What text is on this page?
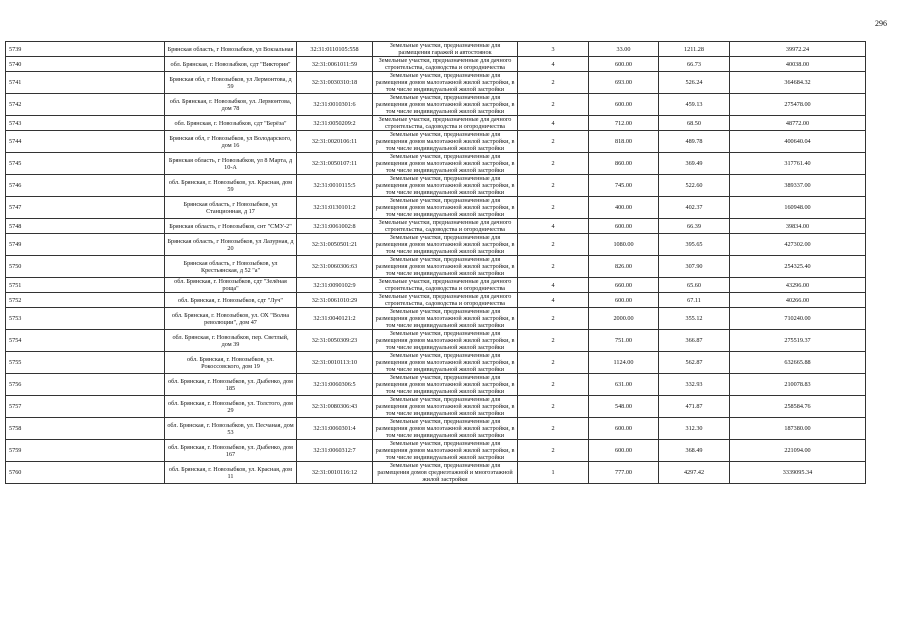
296
5739	Брянская область, г Новозыбков, ул Вокзальная	32:31:0110105:558	Земельные участки, предназначенные для размещения гаражей и автостоянок	3	33.00	1211.28	39972.24
5740	обл. Брянская, г. Новозыбков, сдт "Виктория"	32:31:0061011:59	Земельные участки, предназначенные для дачного строительства, садоводства и огородничества	4	600.00	66.73	40038.00
5741	Брянская обл, г Новозыбков, ул Лермонтова, д 59	32:31:0030310:18	Земельные участки, предназначенные для размещения домов малоэтажной жилой застройки, в том числе индивидуальной жилой застройки	2	693.00	526.24	364684.32
5742	обл. Брянская, г. Новозыбков, ул. Лермонтова, дом 78	32:31:0010301:6	Земельные участки, предназначенные для размещения домов малоэтажной жилой застройки, в том числе индивидуальной жилой застройки	2	600.00	459.13	275478.00
5743	обл. Брянская, г. Новозыбков, сдт "Берёза"	32:31:0050209:2	Земельные участки, предназначенные для дачного строительства, садоводства и огородничества	4	712.00	68.50	48772.00
5744	Брянская обл, г Новозыбков, ул Володарского, дом 16	32:31:0020106:11	Земельные участки, предназначенные для размещения домов малоэтажной жилой застройки, в том числе индивидуальной жилой застройки	2	818.00	489.78	400640.04
5745	Брянская область, г Новозыбков, ул 8 Марта, д 10-А	32:31:0050107:11	Земельные участки, предназначенные для размещения домов малоэтажной жилой застройки, в том числе индивидуальной жилой застройки	2	860.00	369.49	317761.40
5746	обл. Брянская, г. Новозыбков, ул. Красная, дом 59	32:31:0010115:5	Земельные участки, предназначенные для размещения домов малоэтажной жилой застройки, в том числе индивидуальной жилой застройки	2	745.00	522.60	389337.00
5747	Брянская область, г Новозыбков, ул Станционная, д 17	32:31:0130101:2	Земельные участки, предназначенные для размещения домов малоэтажной жилой застройки, в том числе индивидуальной жилой застройки	2	400.00	402.37	160948.00
5748	Брянская область, г Новозыбков, снт "СМУ-2"	32:31:0061002:8	Земельные участки, предназначенные для дачного строительства, садоводства и огородничества	4	600.00	66.39	39834.00
5749	Брянская область, г Новозыбков, ул Лазурная, д 20	32:31:0050501:21	Земельные участки, предназначенные для размещения домов малоэтажной жилой застройки, в том числе индивидуальной жилой застройки	2	1080.00	395.65	427302.00
5750	Брянская область, г Новозыбков, ул Крестьянская, д 52 "а"	32:31:0060306:63	Земельные участки, предназначенные для размещения домов малоэтажной жилой застройки, в том числе индивидуальной жилой застройки	2	826.00	307.90	254325.40
5751	обл. Брянская, г. Новозыбков, сдт "Зелёная роща"	32:31:0090102:9	Земельные участки, предназначенные для дачного строительства, садоводства и огородничества	4	660.00	65.60	43296.00
5752	обл. Брянская, г. Новозыбков, сдт "Луч"	32:31:0061010:29	Земельные участки, предназначенные для дачного строительства, садоводства и огородничества	4	600.00	67.11	40266.00
5753	обл. Брянская, г. Новозыбков, ул. ОХ "Волна революции", дом 47	32:31:0040121:2	Земельные участки, предназначенные для размещения домов малоэтажной жилой застройки, в том числе индивидуальной жилой застройки	2	2000.00	355.12	710240.00
5754	обл. Брянская, г. Новозыбков, пер. Светлый, дом 39	32:31:0050309:23	Земельные участки, предназначенные для размещения домов малоэтажной жилой застройки, в том числе индивидуальной жилой застройки	2	751.00	366.87	275519.37
5755	обл. Брянская, г. Новозыбков, ул. Рокоссовского, дом 19	32:31:0010113:10	Земельные участки, предназначенные для размещения домов малоэтажной жилой застройки, в том числе индивидуальной жилой застройки	2	1124.00	562.87	632665.88
5756	обл. Брянская, г. Новозыбков, ул. Дыбенко, дом 185	32:31:0060306:5	Земельные участки, предназначенные для размещения домов малоэтажной жилой застройки, в том числе индивидуальной жилой застройки	2	631.00	332.93	210078.83
5757	обл. Брянская, г. Новозыбков, ул. Толстого, дом 29	32:31:0080306:43	Земельные участки, предназначенные для размещения домов малоэтажной жилой застройки, в том числе индивидуальной жилой застройки	2	548.00	471.87	258584.76
5758	обл. Брянская, г. Новозыбков, ул. Песчаная, дом 53	32:31:0060301:4	Земельные участки, предназначенные для размещения домов малоэтажной жилой застройки, в том числе индивидуальной жилой застройки	2	600.00	312.30	187380.00
5759	обл. Брянская, г. Новозыбков, ул. Дыбенко, дом 167	32:31:0060312:7	Земельные участки, предназначенные для размещения домов малоэтажной жилой застройки, в том числе индивидуальной жилой застройки	2	600.00	368.49	221094.00
5760	обл. Брянская, г. Новозыбков, ул. Красная, дом 11	32:31:0010116:12	Земельные участки, предназначенные для размещения домов среднеэтажной и многоэтажной жилой застройки	1	777.00	4297.42	3339095.34
